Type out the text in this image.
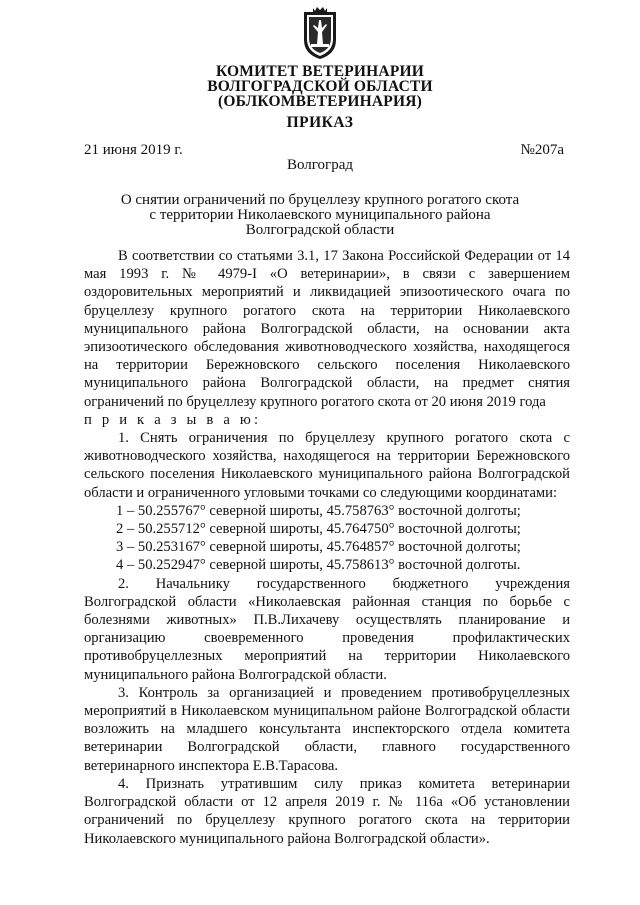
КОМИТЕТ ВЕТЕРИНАРИИ
ВОЛГОГРАДСКОЙ ОБЛАСТИ
(ОБЛКОМВЕТЕРИНАРИЯ)
ПРИКАЗ
21 июня 2019 г.	№207а
Волгоград
О снятии ограничений по бруцеллезу крупного рогатого скота
с территории Николаевского муниципального района
Волгоградской области

В соответствии со статьями 3.1, 17 Закона Российской Федерации от 14 мая 1993 г. № 4979-I «О ветеринарии», в связи с завершением оздоровительных мероприятий и ликвидацией эпизоотического очага по бруцеллезу крупного рогатого скота на территории Николаевского муниципального района Волгоградской области, на основании акта эпизоотического обследования животноводческого хозяйства, находящегося на территории Бережновского сельского поселения Николаевского муниципального района Волгоградской области, на предмет снятия ограничений по бруцеллезу крупного рогатого скота от 20 июня 2019 года

п р и к а з ы в а ю:

1. Снять ограничения по бруцеллезу крупного рогатого скота с животноводческого хозяйства, находящегося на территории Бережновского сельского поселения Николаевского муниципального района Волгоградской области и ограниченного угловыми точками со следующими координатами:

1 – 50.255767° северной широты, 45.758763° восточной долготы;
2 – 50.255712° северной широты, 45.764750° восточной долготы;
3 – 50.253167° северной широты, 45.764857° восточной долготы;
4 – 50.252947° северной широты, 45.758613° восточной долготы.

2. Начальнику государственного бюджетного учреждения Волгоградской области «Николаевская районная станция по борьбе с болезнями животных» П.В.Лихачеву осуществлять планирование и организацию своевременного проведения профилактических противобруцеллезных мероприятий на территории Николаевского муниципального района Волгоградской области.

3. Контроль за организацией и проведением противобруцеллезных мероприятий в Николаевском муниципальном районе Волгоградской области возложить на младшего консультанта инспекторского отдела комитета ветеринарии Волгоградской области, главного государственного ветеринарного инспектора Е.В.Тарасова.

4. Признать утратившим силу приказ комитета ветеринарии Волгоградской области от 12 апреля 2019 г. № 116а «Об установлении ограничений по бруцеллезу крупного рогатого скота на территории Николаевского муниципального района Волгоградской области».
